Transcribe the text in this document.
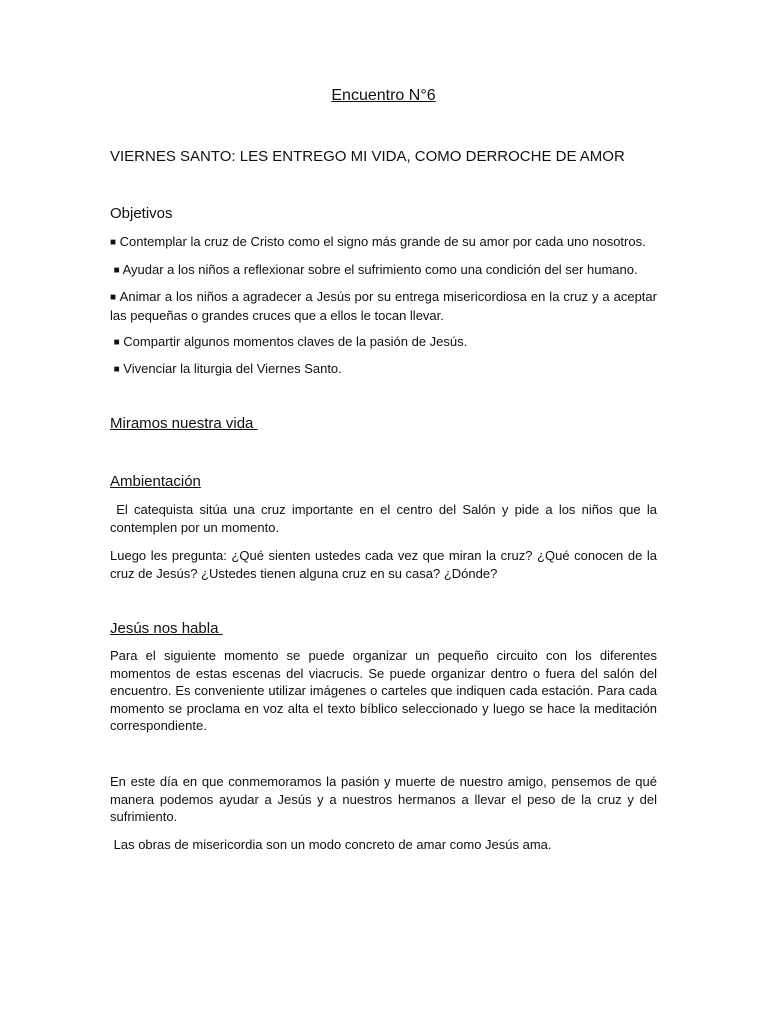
Encuentro N°6
VIERNES SANTO: LES ENTREGO MI VIDA, COMO DERROCHE DE AMOR
Objetivos
■ Contemplar la cruz de Cristo como el signo más grande de su amor por cada uno nosotros.
■ Ayudar a los niños a reflexionar sobre el sufrimiento como una condición del ser humano.
■ Animar a los niños a agradecer a Jesús por su entrega misericordiosa en la cruz y a aceptar las pequeñas o grandes cruces que a ellos le tocan llevar.
■ Compartir algunos momentos claves de la pasión de Jesús.
■ Vivenciar la liturgia del Viernes Santo.
Miramos nuestra vida
Ambientación
El catequista sitúa una cruz importante en el centro del Salón y pide a los niños que la contemplen por un momento.
Luego les pregunta: ¿Qué sienten ustedes cada vez que miran la cruz? ¿Qué conocen de la cruz de Jesús? ¿Ustedes tienen alguna cruz en su casa? ¿Dónde?
Jesús nos habla
Para el siguiente momento se puede organizar un pequeño circuito con los diferentes momentos de estas escenas del viacrucis. Se puede organizar dentro o fuera del salón del encuentro. Es conveniente utilizar imágenes o carteles que indiquen cada estación. Para cada momento se proclama en voz alta el texto bíblico seleccionado y luego se hace la meditación correspondiente.
En este día en que conmemoramos la pasión y muerte de nuestro amigo, pensemos de qué manera podemos ayudar a Jesús y a nuestros hermanos a llevar el peso de la cruz y del sufrimiento.
Las obras de misericordia son un modo concreto de amar como Jesús ama.
